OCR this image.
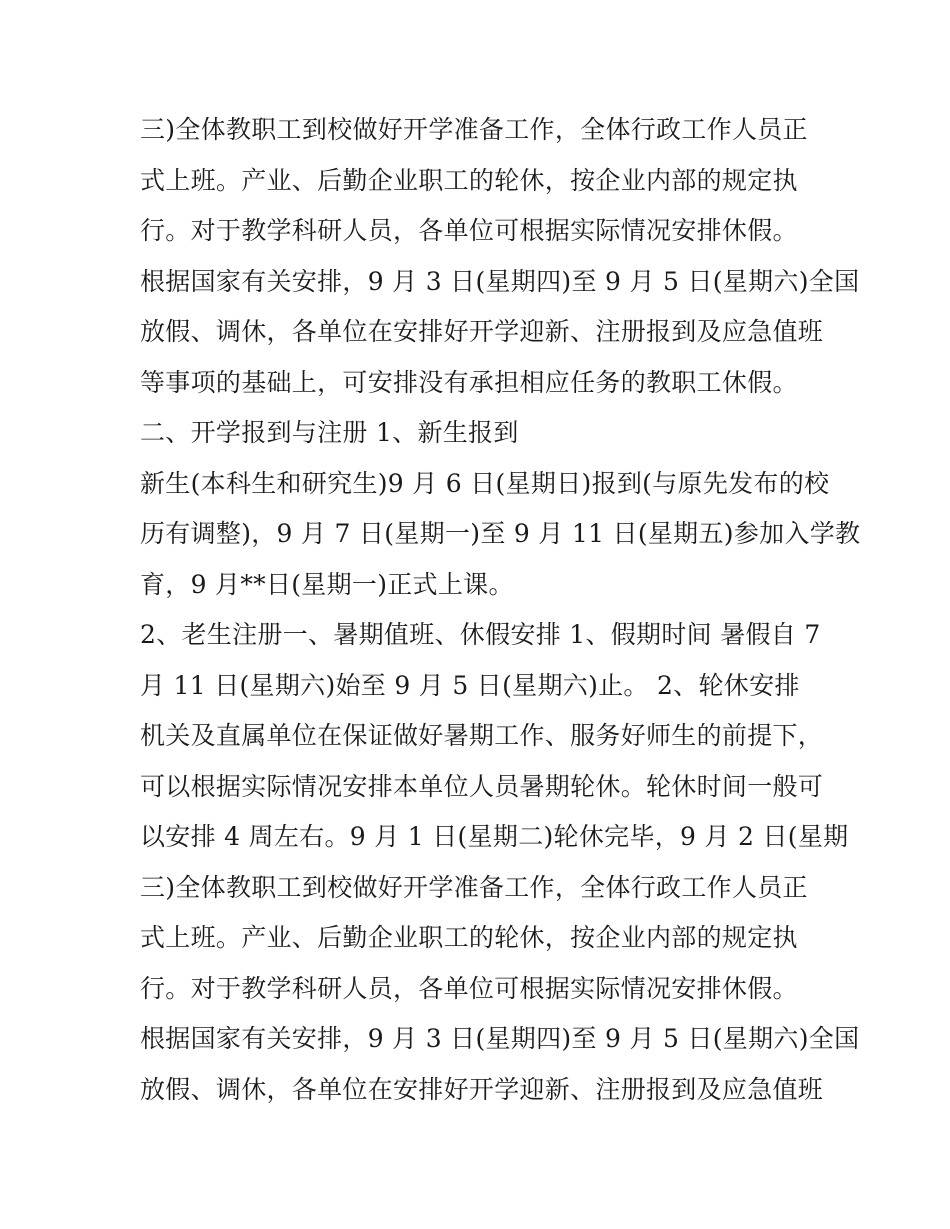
三)全体教职工到校做好开学准备工作，全体行政工作人员正
式上班。产业、后勤企业职工的轮休，按企业内部的规定执
行。对于教学科研人员，各单位可根据实际情况安排休假。
根据国家有关安排，9 月 3 日(星期四)至 9 月 5 日(星期六)全国
放假、调休，各单位在安排好开学迎新、注册报到及应急值班
等事项的基础上，可安排没有承担相应任务的教职工休假。
二、开学报到与注册 1、新生报到
新生(本科生和研究生)9 月 6 日(星期日)报到(与原先发布的校
历有调整)，9 月 7 日(星期一)至 9 月 11 日(星期五)参加入学教
育，9 月**日(星期一)正式上课。
2、老生注册一、暑期值班、休假安排 1、假期时间 暑假自 7
月 11 日(星期六)始至 9 月 5 日(星期六)止。 2、轮休安排
机关及直属单位在保证做好暑期工作、服务好师生的前提下，
可以根据实际情况安排本单位人员暑期轮休。轮休时间一般可
以安排 4 周左右。9 月 1 日(星期二)轮休完毕，9 月 2 日(星期
三)全体教职工到校做好开学准备工作，全体行政工作人员正
式上班。产业、后勤企业职工的轮休，按企业内部的规定执
行。对于教学科研人员，各单位可根据实际情况安排休假。
根据国家有关安排，9 月 3 日(星期四)至 9 月 5 日(星期六)全国
放假、调休，各单位在安排好开学迎新、注册报到及应急值班
